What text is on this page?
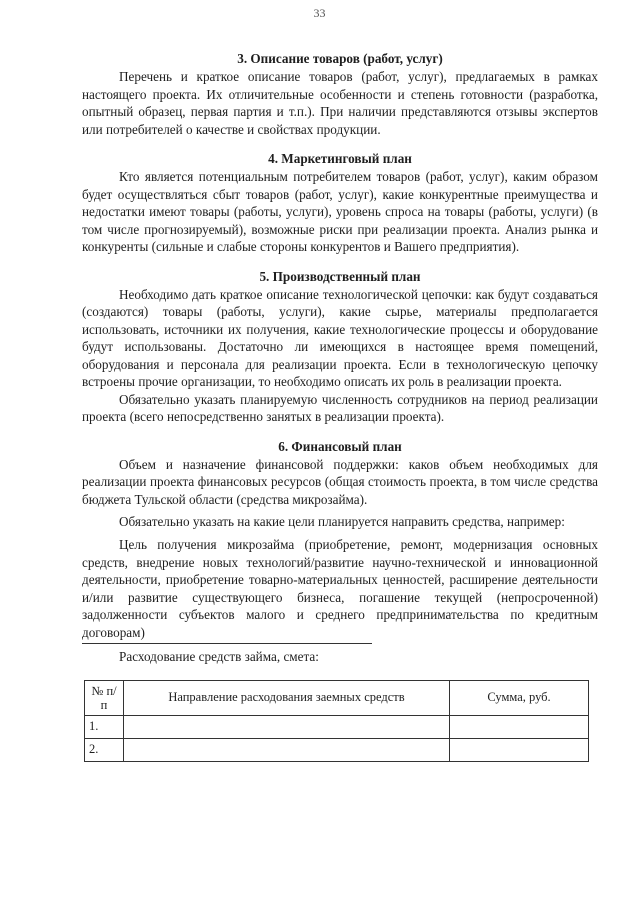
33
3. Описание товаров (работ, услуг)

Перечень и краткое описание товаров (работ, услуг), предлагаемых в рамках настоящего проекта. Их отличительные особенности и степень готовности (разработка, опытный образец, первая партия и т.п.). При наличии представляются отзывы экспертов или потребителей о качестве и свойствах продукции.

4. Маркетинговый план

Кто является потенциальным потребителем товаров (работ, услуг), каким образом будет осуществляться сбыт товаров (работ, услуг), какие конкурентные преимущества и недостатки имеют товары (работы, услуги), уровень спроса на товары (работы, услуги) (в том числе прогнозируемый), возможные риски при реализации проекта. Анализ рынка и конкуренты (сильные и слабые стороны конкурентов и Вашего предприятия).

5. Производственный план

Необходимо дать краткое описание технологической цепочки: как будут создаваться (создаются) товары (работы, услуги), какие сырье, материалы предполагается использовать, источники их получения, какие технологические процессы и оборудование будут использованы. Достаточно ли имеющихся в настоящее время помещений, оборудования и персонала для реализации проекта. Если в технологическую цепочку встроены прочие организации, то необходимо описать их роль в реализации проекта.

Обязательно указать планируемую численность сотрудников на период реализации проекта (всего непосредственно занятых в реализации проекта).

6. Финансовый план

Объем и назначение финансовой поддержки: каков объем необходимых для реализации проекта финансовых ресурсов (общая стоимость проекта, в том числе средства бюджета Тульской области (средства микрозайма).

Обязательно указать на какие цели планируется направить средства, например:

Цель получения микрозайма (приобретение, ремонт, модернизация основных средств, внедрение новых технологий/развитие научно-технической и инновационной деятельности, приобретение товарно-материальных ценностей, расширение деятельности и/или развитие существующего бизнеса, погашение текущей (непросроченной) задолженности субъектов малого и среднего предпринимательства по кредитным договорам)

Расходование средств займа, смета:

№ п/п	Направление расходования заемных средств	Сумма, руб.
1.		
2.		
